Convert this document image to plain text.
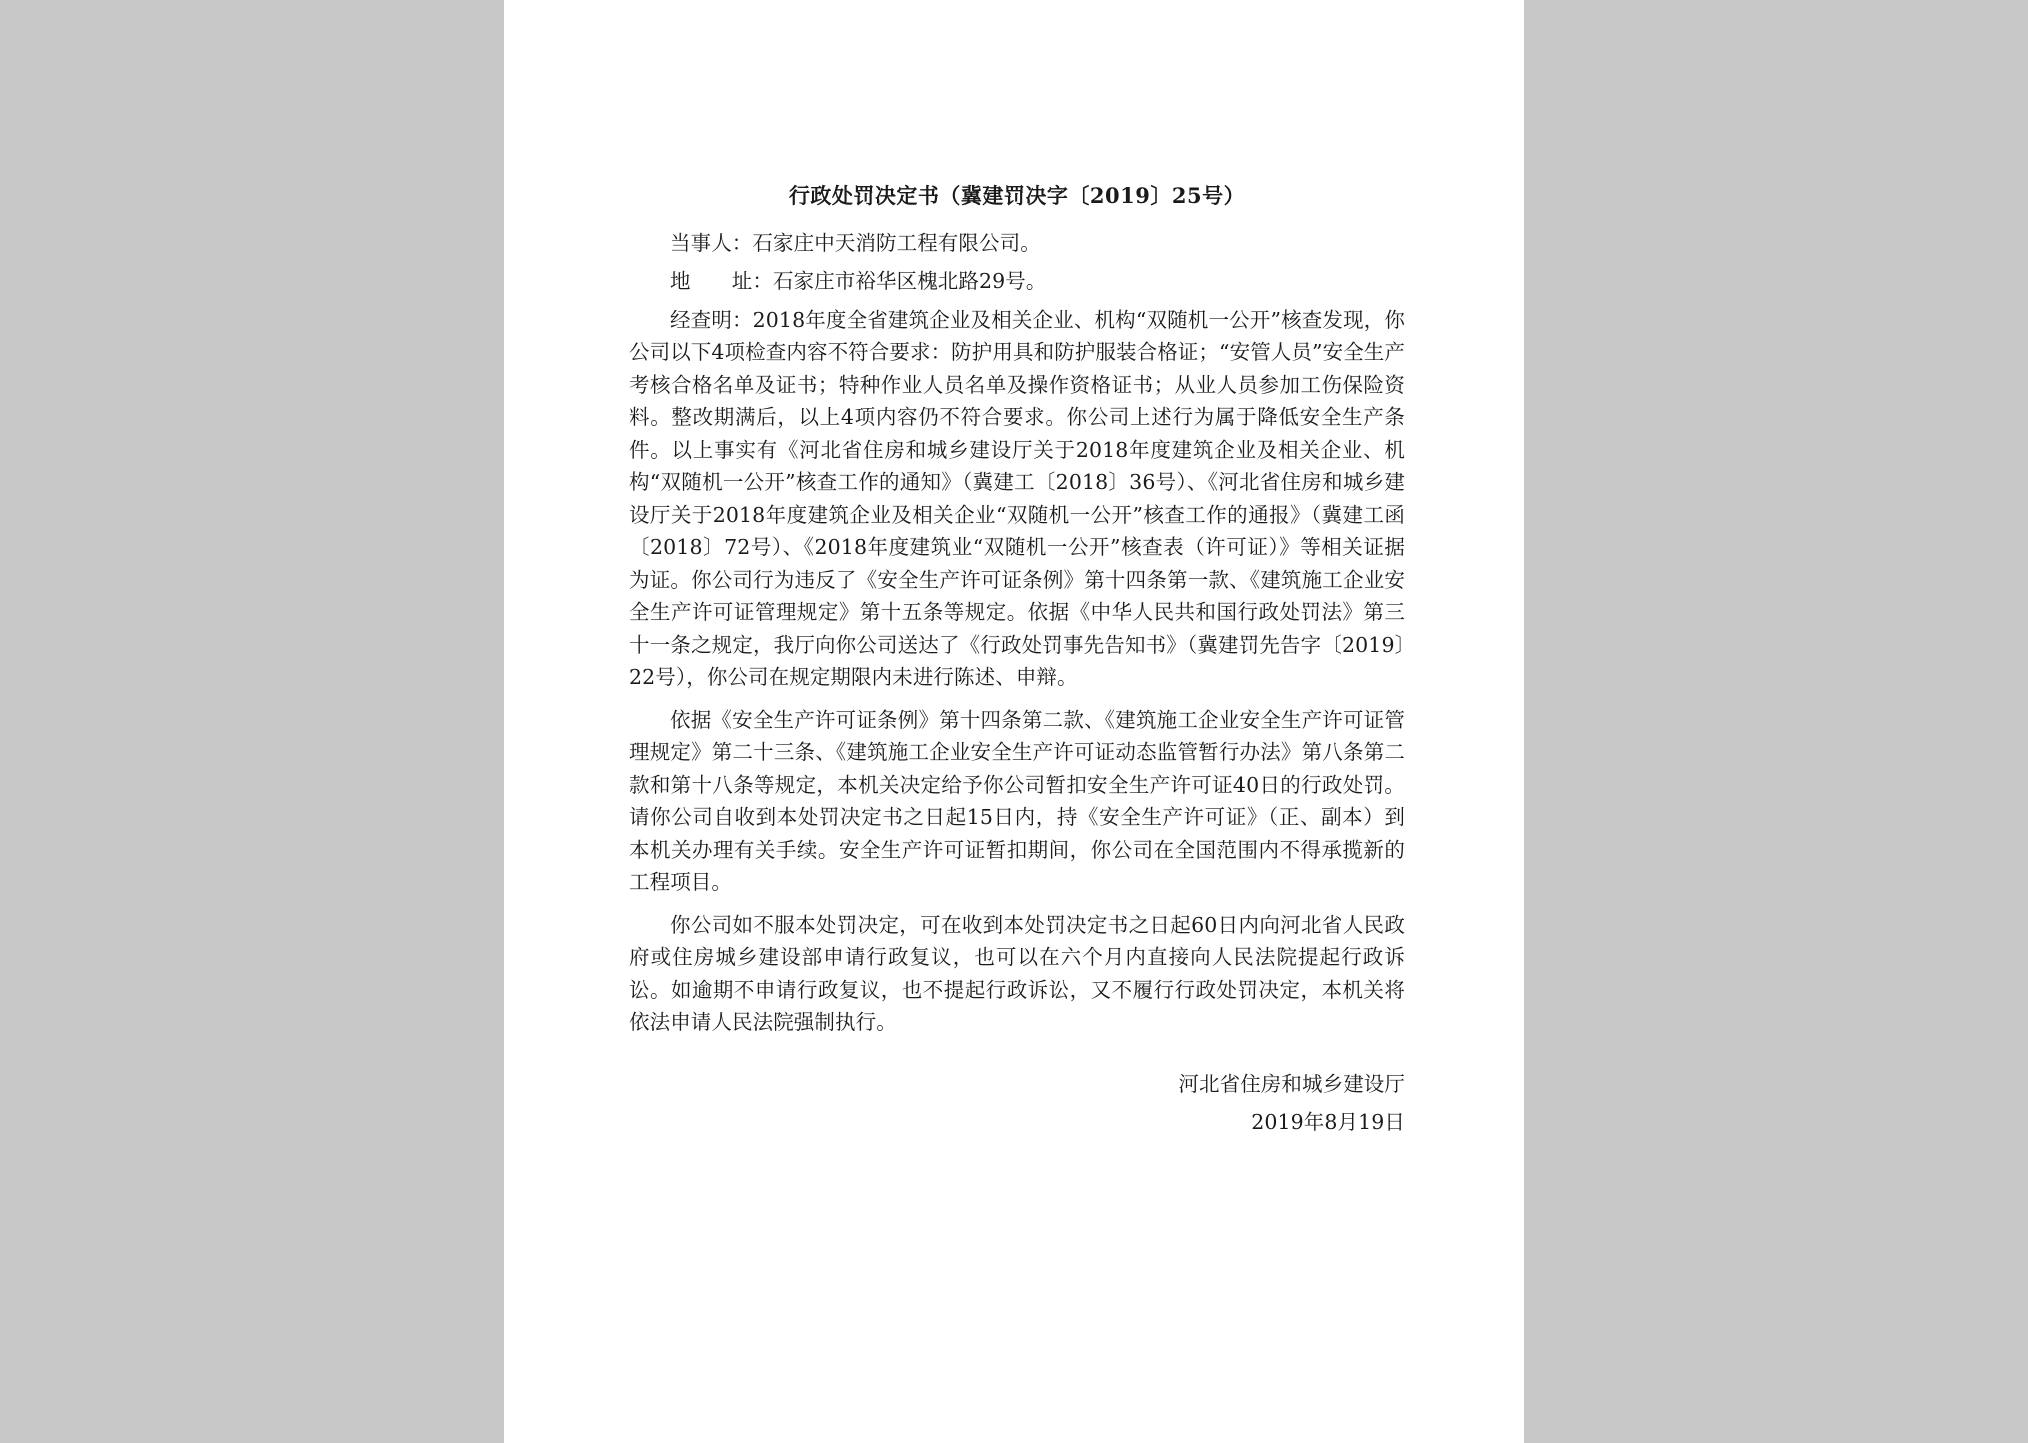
行政处罚决定书（冀建罚决字〔2019〕25号）
当事人：石家庄中天消防工程有限公司。
地　　址：石家庄市裕华区槐北路29号。

经查明：2018年度全省建筑企业及相关企业、机构“双随机一公开”核查发现，你公司以下4项检查内容不符合要求：防护用具和防护服装合格证；“安管人员”安全生产考核合格名单及证书；特种作业人员名单及操作资格证书；从业人员参加工伤保险资料。整改期满后，以上4项内容仍不符合要求。你公司上述行为属于降低安全生产条件。以上事实有《河北省住房和城乡建设厅关于2018年度建筑企业及相关企业、机构“双随机一公开”核查工作的通知》（冀建工〔2018〕36号）、《河北省住房和城乡建设厅关于2018年度建筑企业及相关企业“双随机一公开”核查工作的通报》（冀建工函〔2018〕72号）、《2018年度建筑业“双随机一公开”核查表（许可证）》等相关证据为证。你公司行为违反了《安全生产许可证条例》第十四条第一款、《建筑施工企业安全生产许可证管理规定》第十五条等规定。依据《中华人民共和国行政处罚法》第三十一条之规定，我厅向你公司送达了《行政处罚事先告知书》（冀建罚先告字〔2019〕22号），你公司在规定期限内未进行陈述、申辩。

依据《安全生产许可证条例》第十四条第二款、《建筑施工企业安全生产许可证管理规定》第二十三条、《建筑施工企业安全生产许可证动态监管暂行办法》第八条第二款和第十八条等规定，本机关决定给予你公司暂扣安全生产许可证40日的行政处罚。请你公司自收到本处罚决定书之日起15日内，持《安全生产许可证》（正、副本）到本机关办理有关手续。安全生产许可证暂扣期间，你公司在全国范围内不得承揽新的工程项目。

你公司如不服本处罚决定，可在收到本处罚决定书之日起60日内向河北省人民政府或住房城乡建设部申请行政复议，也可以在六个月内直接向人民法院提起行政诉讼。如逾期不申请行政复议，也不提起行政诉讼，又不履行行政处罚决定，本机关将依法申请人民法院强制执行。

河北省住房和城乡建设厅
2019年8月19日
